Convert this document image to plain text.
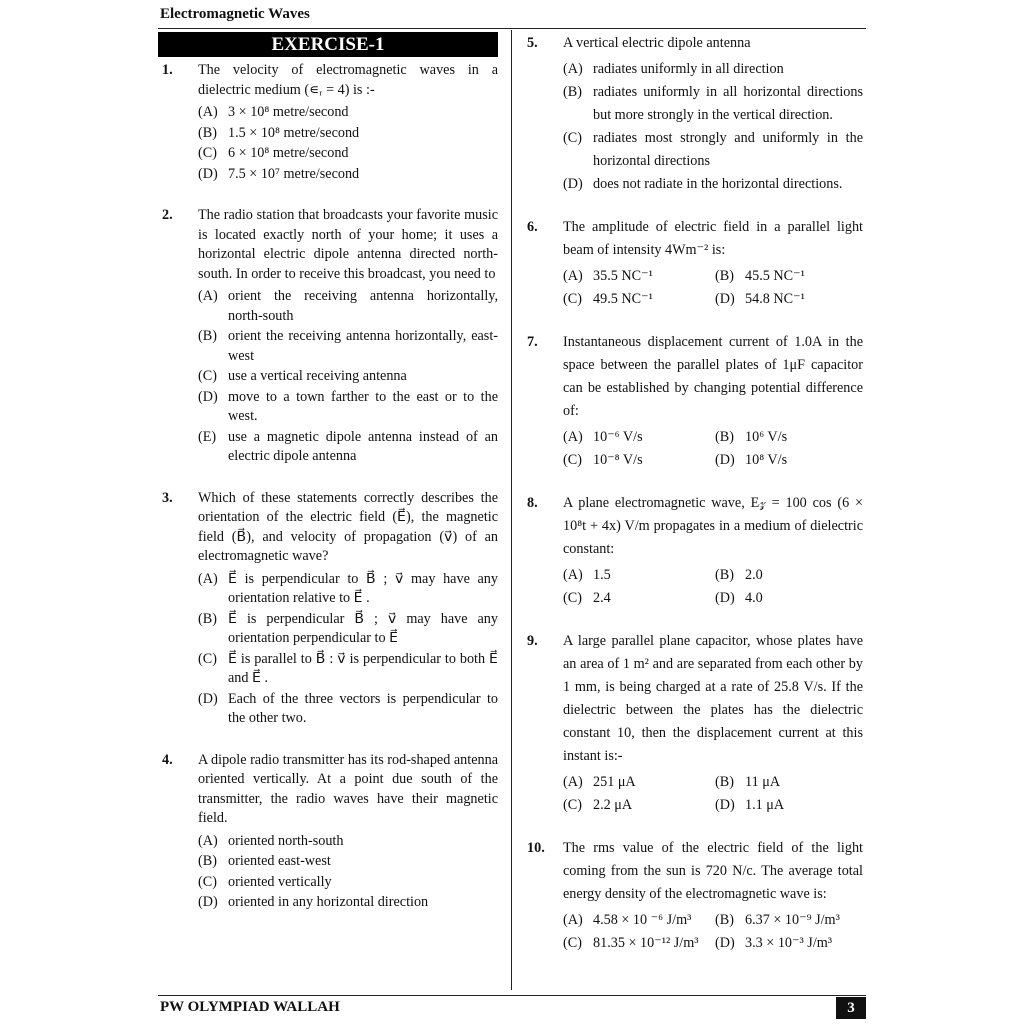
Electromagnetic Waves
EXERCISE-1
1. The velocity of electromagnetic waves in a dielectric medium (∊ᵣ = 4) is :-
(A) 3 × 10⁸ metre/second
(B) 1.5 × 10⁸ metre/second
(C) 6 × 10⁸ metre/second
(D) 7.5 × 10⁷ metre/second
2. The radio station that broadcasts your favorite music is located exactly north of your home; it uses a horizontal electric dipole antenna directed north-south. In order to receive this broadcast, you need to
(A) orient the receiving antenna horizontally, north-south
(B) orient the receiving antenna horizontally, east-west
(C) use a vertical receiving antenna
(D) move to a town farther to the east or to the west.
(E) use a magnetic dipole antenna instead of an electric dipole antenna
3. Which of these statements correctly describes the orientation of the electric field (E⃗), the magnetic field (B⃗), and velocity of propagation (v⃗) of an electromagnetic wave?
(A) E⃗ is perpendicular to B⃗ ; v⃗ may have any orientation relative to E⃗ .
(B) E⃗ is perpendicular B⃗ ; v⃗ may have any orientation perpendicular to E⃗
(C) E⃗ is parallel to B⃗ : v⃗ is perpendicular to both E⃗ and E⃗ .
(D) Each of the three vectors is perpendicular to the other two.
4. A dipole radio transmitter has its rod-shaped antenna oriented vertically. At a point due south of the transmitter, the radio waves have their magnetic field.
(A) oriented north-south
(B) oriented east-west
(C) oriented vertically
(D) oriented in any horizontal direction
5. A vertical electric dipole antenna
(A) radiates uniformly in all direction
(B) radiates uniformly in all horizontal directions but more strongly in the vertical direction.
(C) radiates most strongly and uniformly in the horizontal directions
(D) does not radiate in the horizontal directions.
6. The amplitude of electric field in a parallel light beam of intensity 4Wm⁻² is:
(A) 35.5 NC⁻¹	(B) 45.5 NC⁻¹
(C) 49.5 NC⁻¹	(D) 54.8 NC⁻¹
7. Instantaneous displacement current of 1.0A in the space between the parallel plates of 1μF capacitor can be established by changing potential difference of:
(A) 10⁻⁶ V/s	(B) 10⁶ V/s
(C) 10⁻⁸ V/s	(D) 10⁸ V/s
8. A plane electromagnetic wave, E𝓏 = 100 cos (6 × 10⁸t + 4x) V/m propagates in a medium of dielectric constant:
(A) 1.5	(B) 2.0
(C) 2.4	(D) 4.0
9. A large parallel plane capacitor, whose plates have an area of 1 m² and are separated from each other by 1 mm, is being charged at a rate of 25.8 V/s. If the dielectric between the plates has the dielectric constant 10, then the displacement current at this instant is:-
(A) 251 μA	(B) 11 μA
(C) 2.2 μA	(D) 1.1 μA
10. The rms value of the electric field of the light coming from the sun is 720 N/c. The average total energy density of the electromagnetic wave is:
(A) 4.58 × 10 ⁻⁶ J/m³	(B) 6.37 × 10⁻⁹ J/m³
(C) 81.35 × 10⁻¹² J/m³	(D) 3.3 × 10⁻³ J/m³
PW OLYMPIAD WALLAH	3
